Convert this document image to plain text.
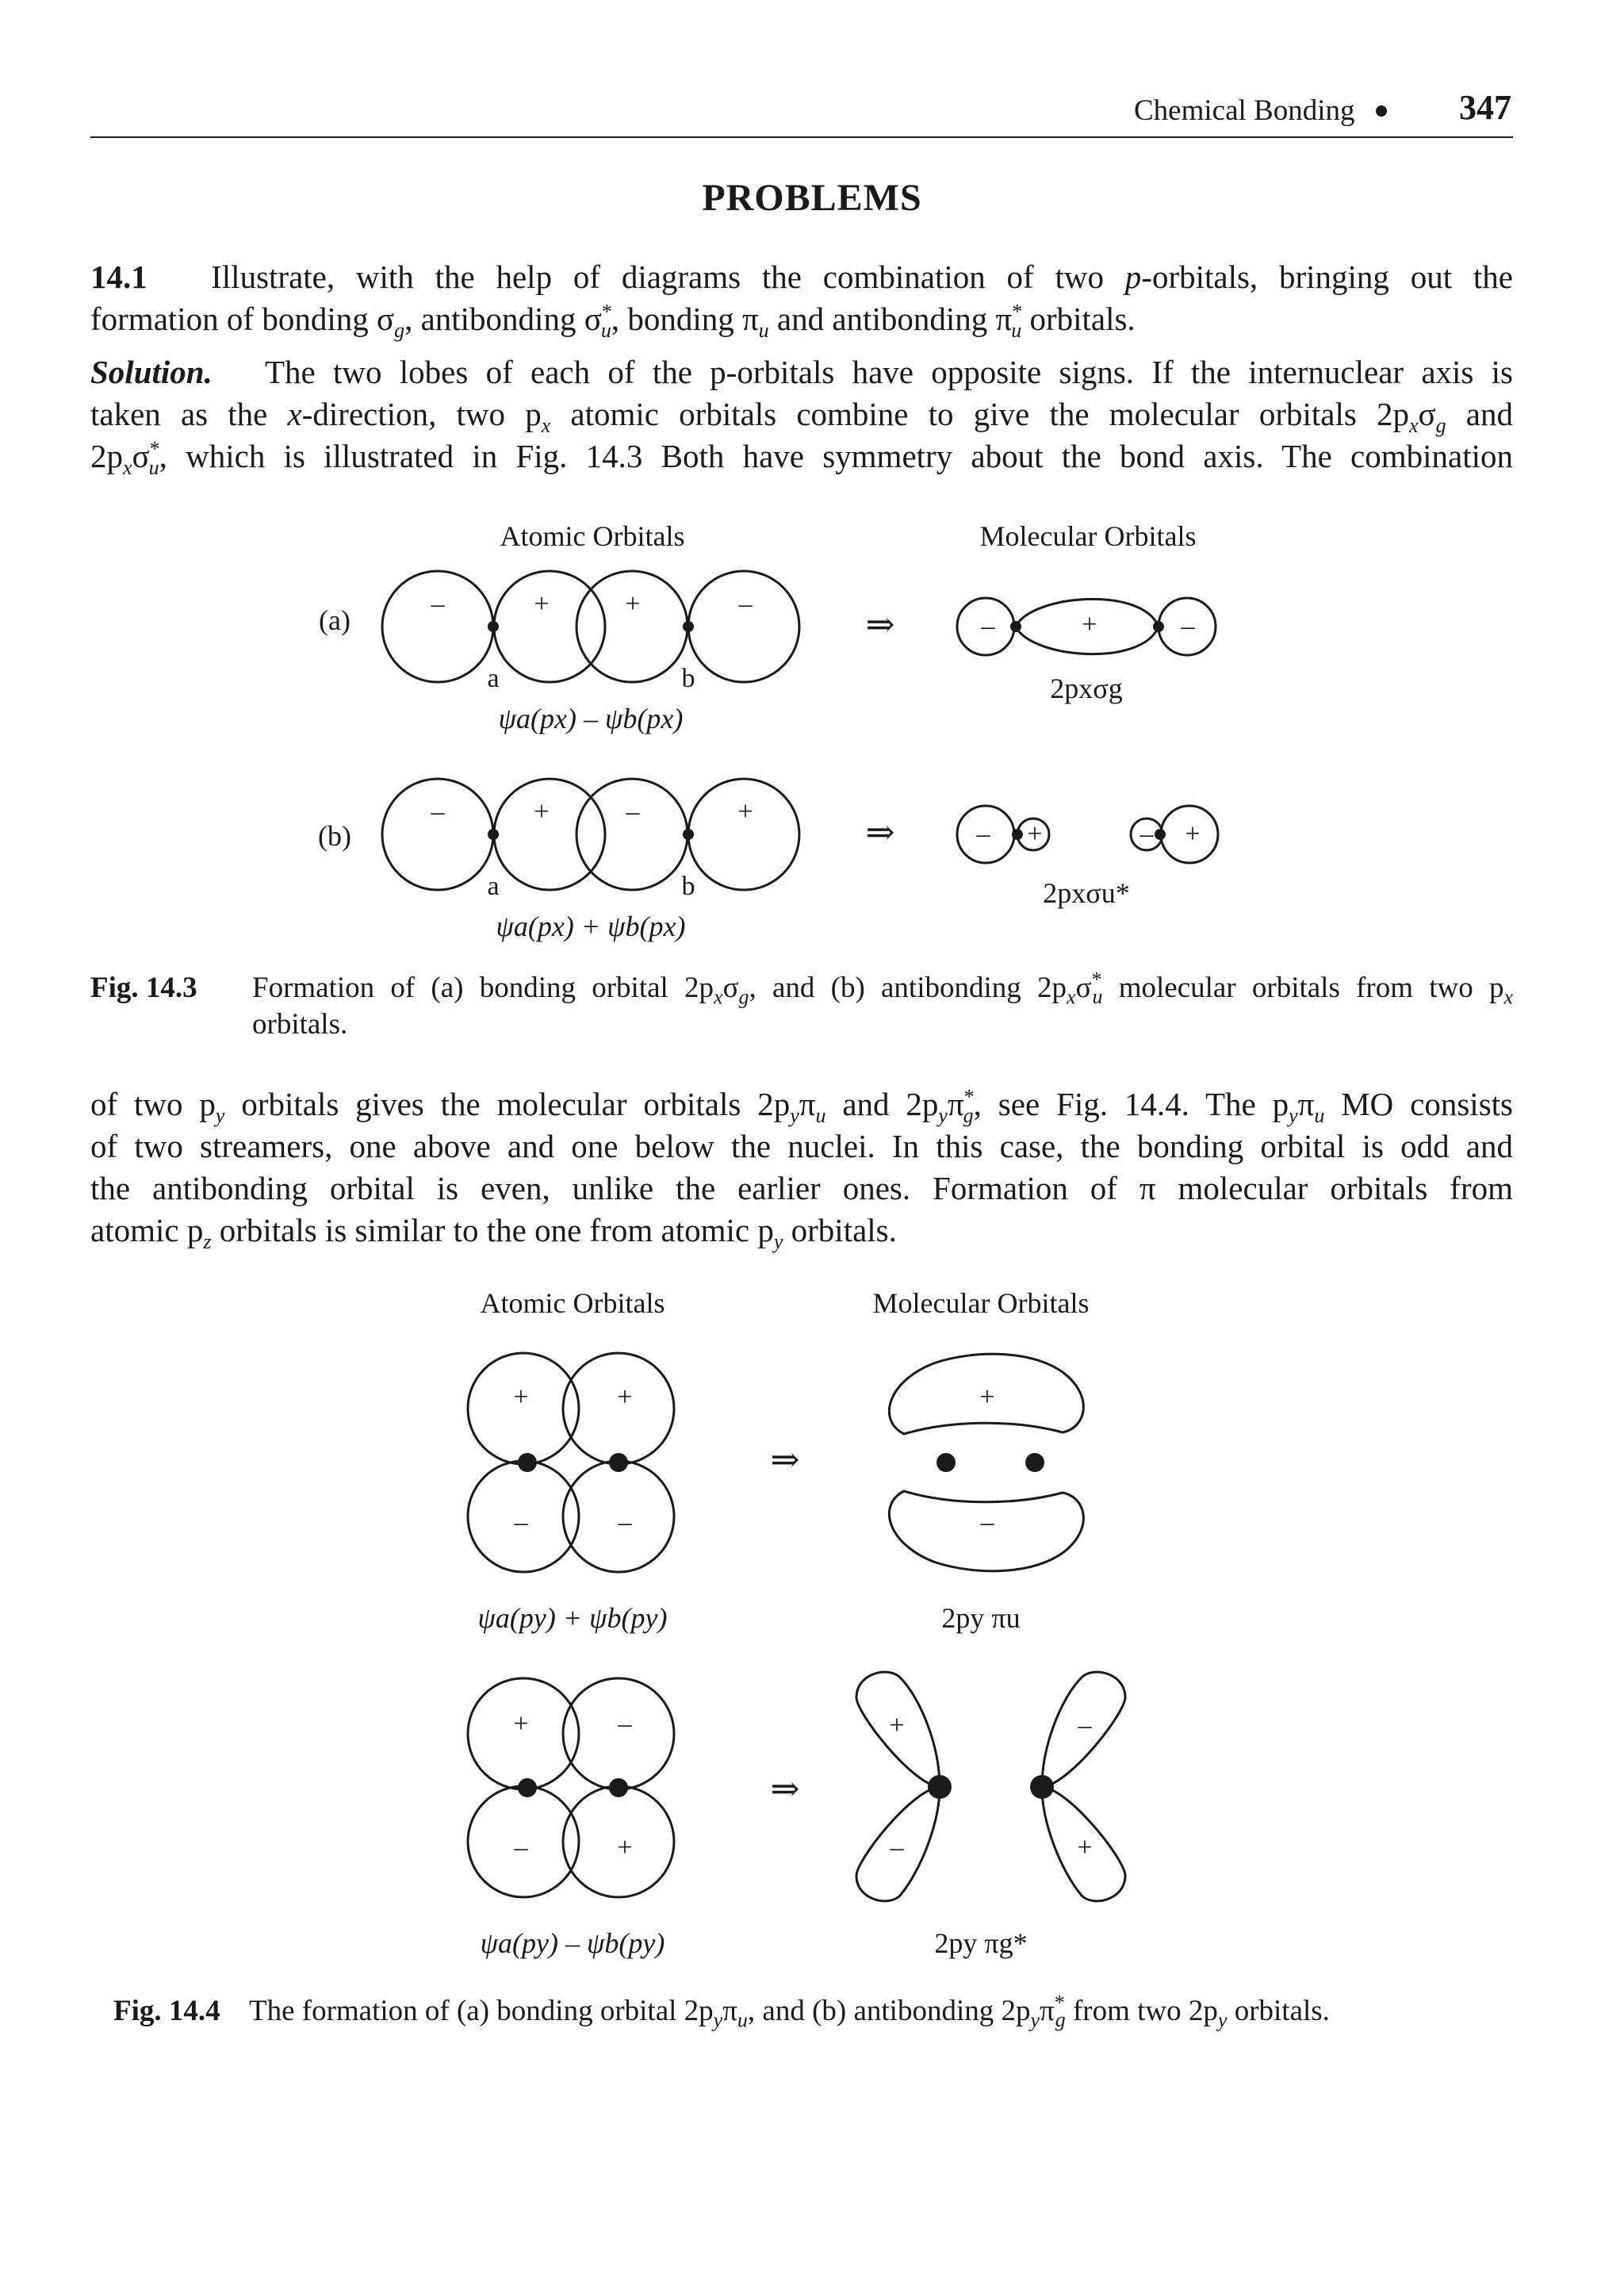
Chemical Bonding	347
PROBLEMS
14.1   Illustrate, with the help of diagrams the combination of two p-orbitals, bringing out the
formation of bonding $\sigma_g$, antibonding $\sigma^*_u$, bonding $\pi_u$ and antibonding $\pi^*_u$ orbitals.
Solution.   The two lobes of each of the p-orbitals have opposite signs. If the internuclear axis is
taken as the x-direction, two $p_x$ atomic orbitals combine to give the molecular orbitals $2p_x\sigma_g$ and
$2p_x\sigma^*_u$, which is illustrated in Fig. 14.3 Both have symmetry about the bond axis. The combination
Atomic Orbitals	Molecular Orbitals
(a)
(b)
⇒
⇒
–	+	+	–
–	+	–
a	b
–	+	–	+
– +	– +
a	b
ψa(px) – ψb(px)
ψa(px) + ψb(px)
2pxσg
2pxσu*
Fig. 14.3 Formation of (a) bonding orbital $2p_x\sigma_g$, and (b) antibonding $2p_x\sigma^*_u$ molecular orbitals from two $p_x$
orbitals.
of two $p_y$ orbitals gives the molecular orbitals $2p_y\pi_u$ and $2p_y\pi^*_g$, see Fig. 14.4. The $p_y\pi_u$ MO consists
of two streamers, one above and one below the nuclei. In this case, the bonding orbital is odd and
the antibonding orbital is even, unlike the earlier ones. Formation of π molecular orbitals from
atomic $p_z$ orbitals is similar to the one from atomic $p_y$ orbitals.
Atomic Orbitals	Molecular Orbitals
⇒
⇒
+	+
–	–
+
–
+	–
–	+
+
–
–
+
ψa(py) + ψb(py)
ψa(py) – ψb(py)
2py πu
2py πg*
Fig. 14.4    The formation of (a) bonding orbital $2p_y\pi_u$, and (b) antibonding $2p_y\pi^*_g$ from two $2p_y$ orbitals.
